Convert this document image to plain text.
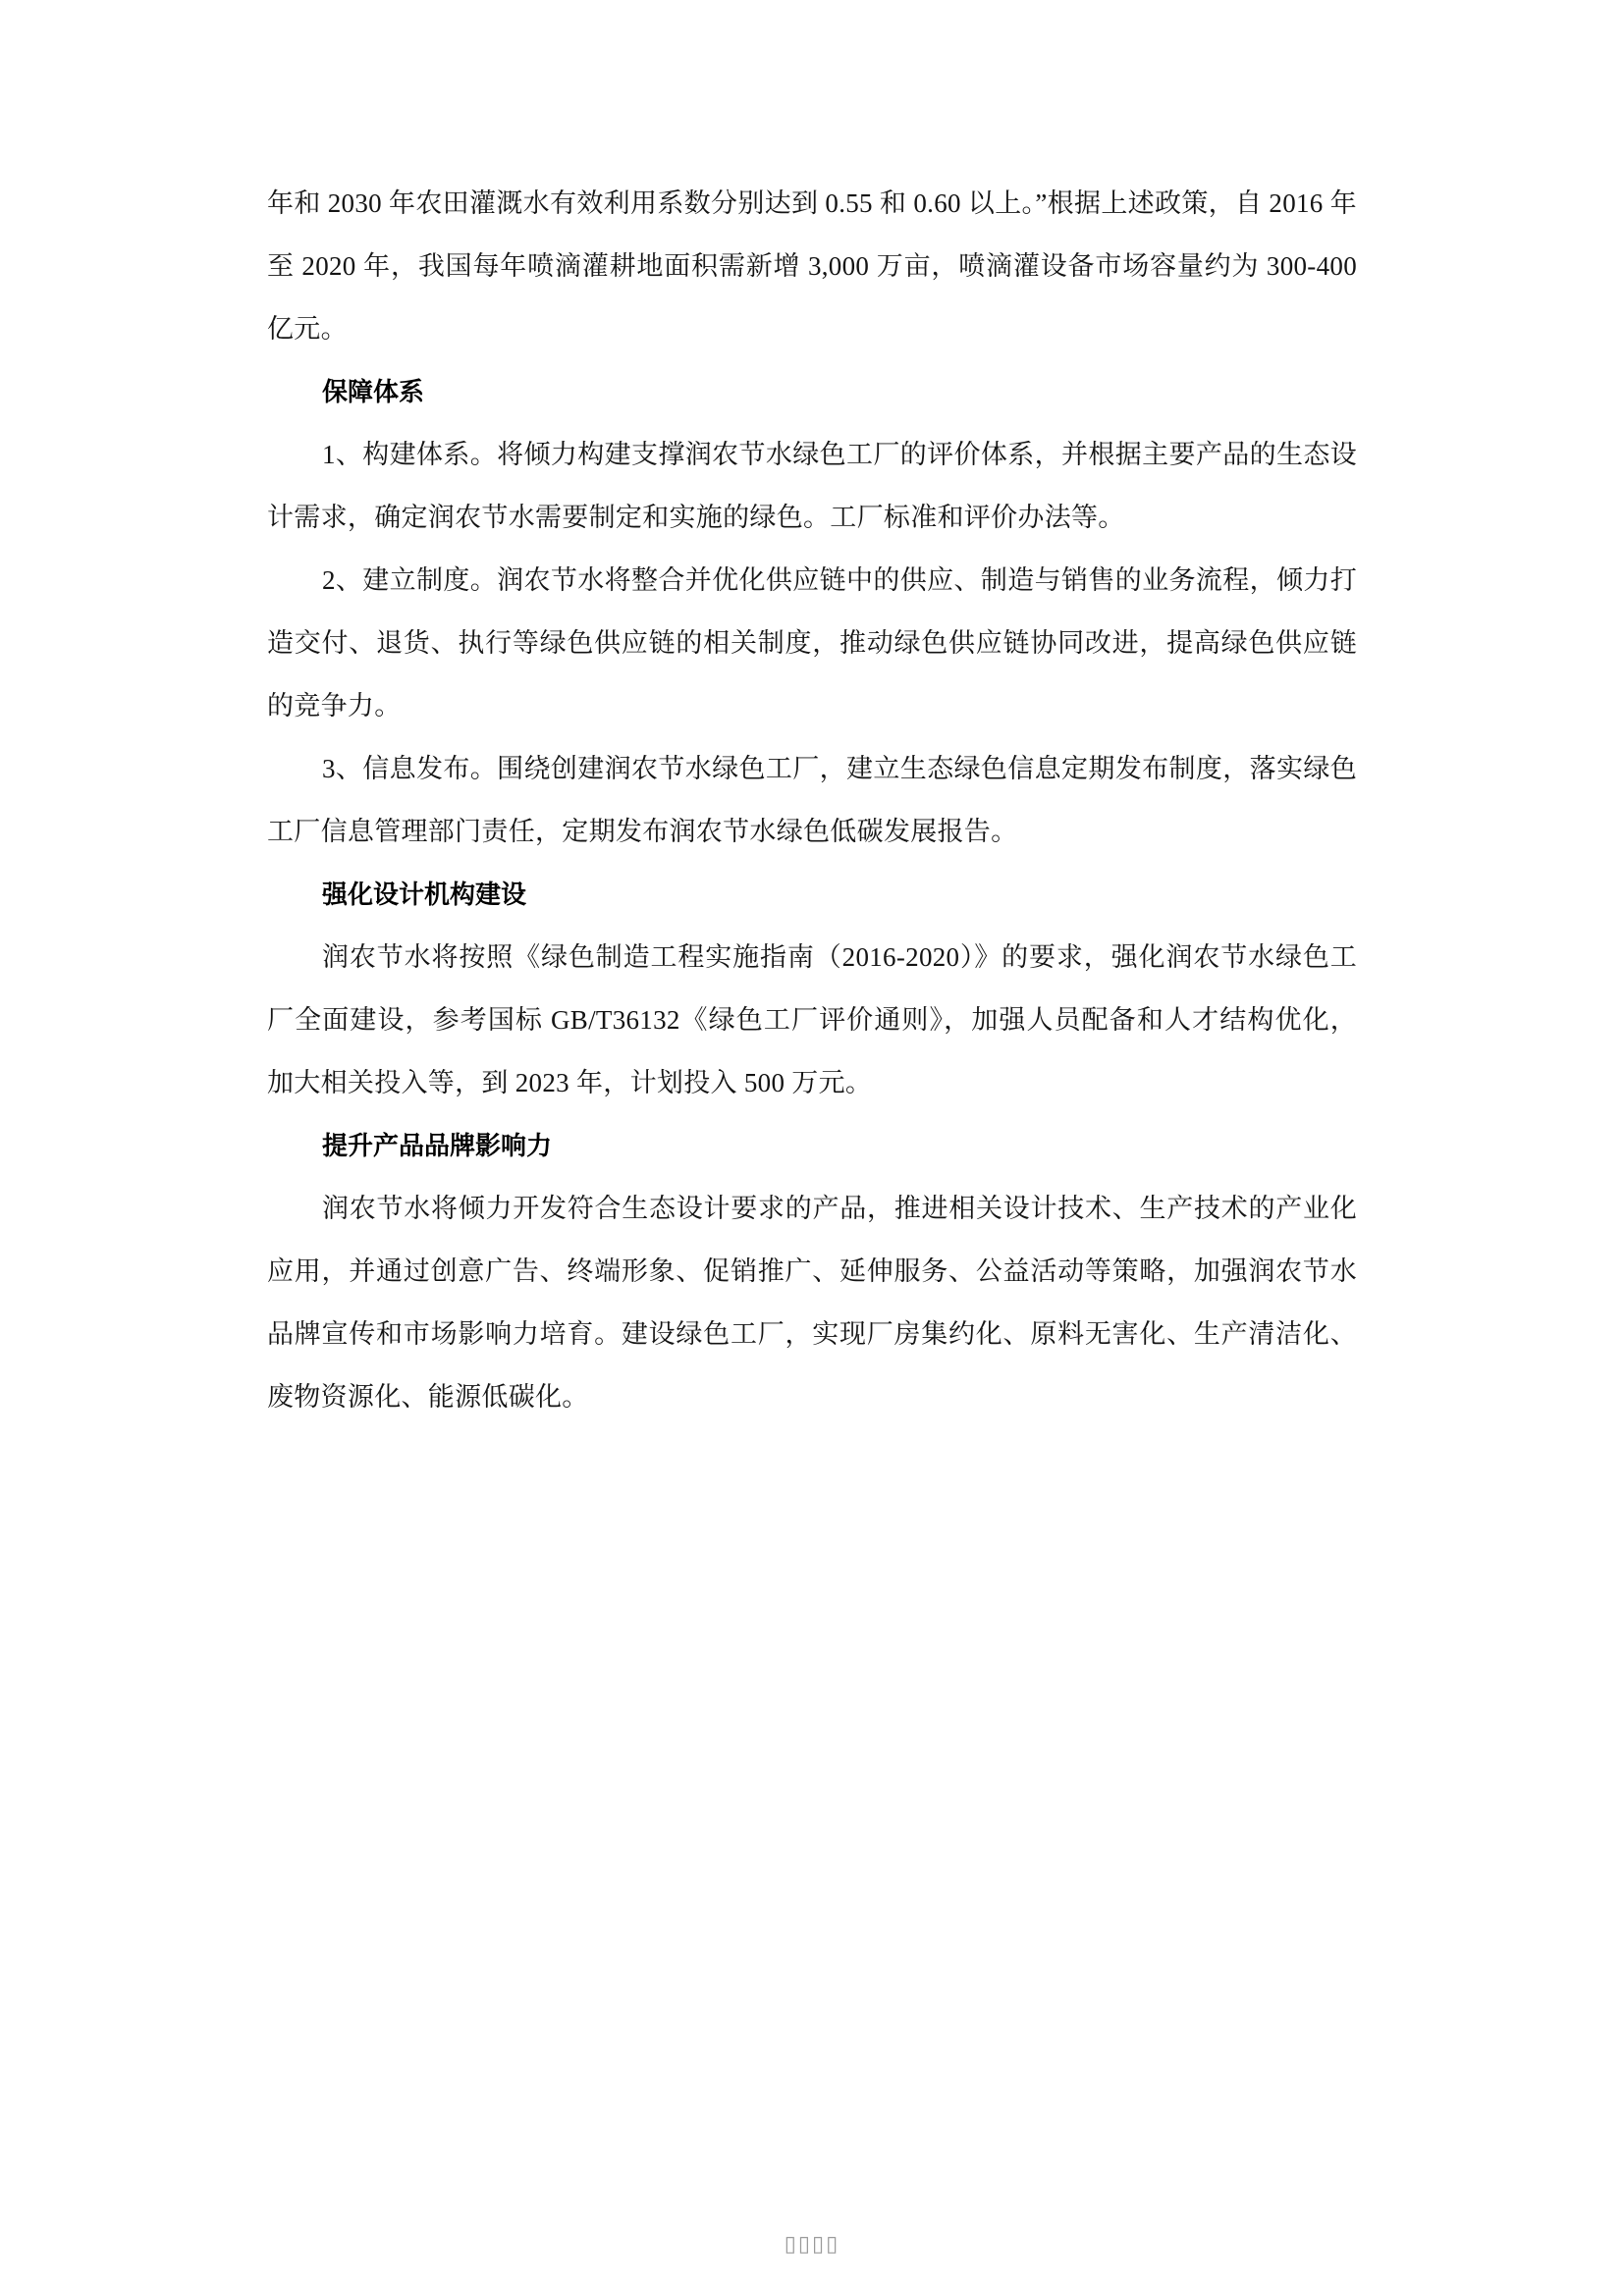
年和 2030 年农田灌溉水有效利用系数分别达到 0.55 和 0.60 以上。”根据上述政策，自 2016 年至 2020 年，我国每年喷滴灌耕地面积需新增 3,000 万亩，喷滴灌设备市场容量约为 300-400 亿元。

保障体系

1、构建体系。将倾力构建支撑润农节水绿色工厂的评价体系，并根据主要产品的生态设计需求，确定润农节水需要制定和实施的绿色。工厂标准和评价办法等。

2、建立制度。润农节水将整合并优化供应链中的供应、制造与销售的业务流程，倾力打造交付、退货、执行等绿色供应链的相关制度，推动绿色供应链协同改进，提高绿色供应链的竞争力。

3、信息发布。围绕创建润农节水绿色工厂，建立生态绿色信息定期发布制度，落实绿色工厂信息管理部门责任，定期发布润农节水绿色低碳发展报告。

强化设计机构建设

润农节水将按照《绿色制造工程实施指南（2016-2020）》的要求，强化润农节水绿色工厂全面建设，参考国标 GB/T36132《绿色工厂评价通则》，加强人员配备和人才结构优化， 加大相关投入等，到 2023 年，计划投入 500 万元。

提升产品品牌影响力

润农节水将倾力开发符合生态设计要求的产品，推进相关设计技术、生产技术的产业化应用，并通过创意广告、终端形象、促销推广、延伸服务、公益活动等策略，加强润农节水品牌宣传和市场影响力培育。建设绿色工厂，实现厂房集约化、原料无害化、生产清洁化、废物资源化、能源低碳化。

▯▯▯▯
